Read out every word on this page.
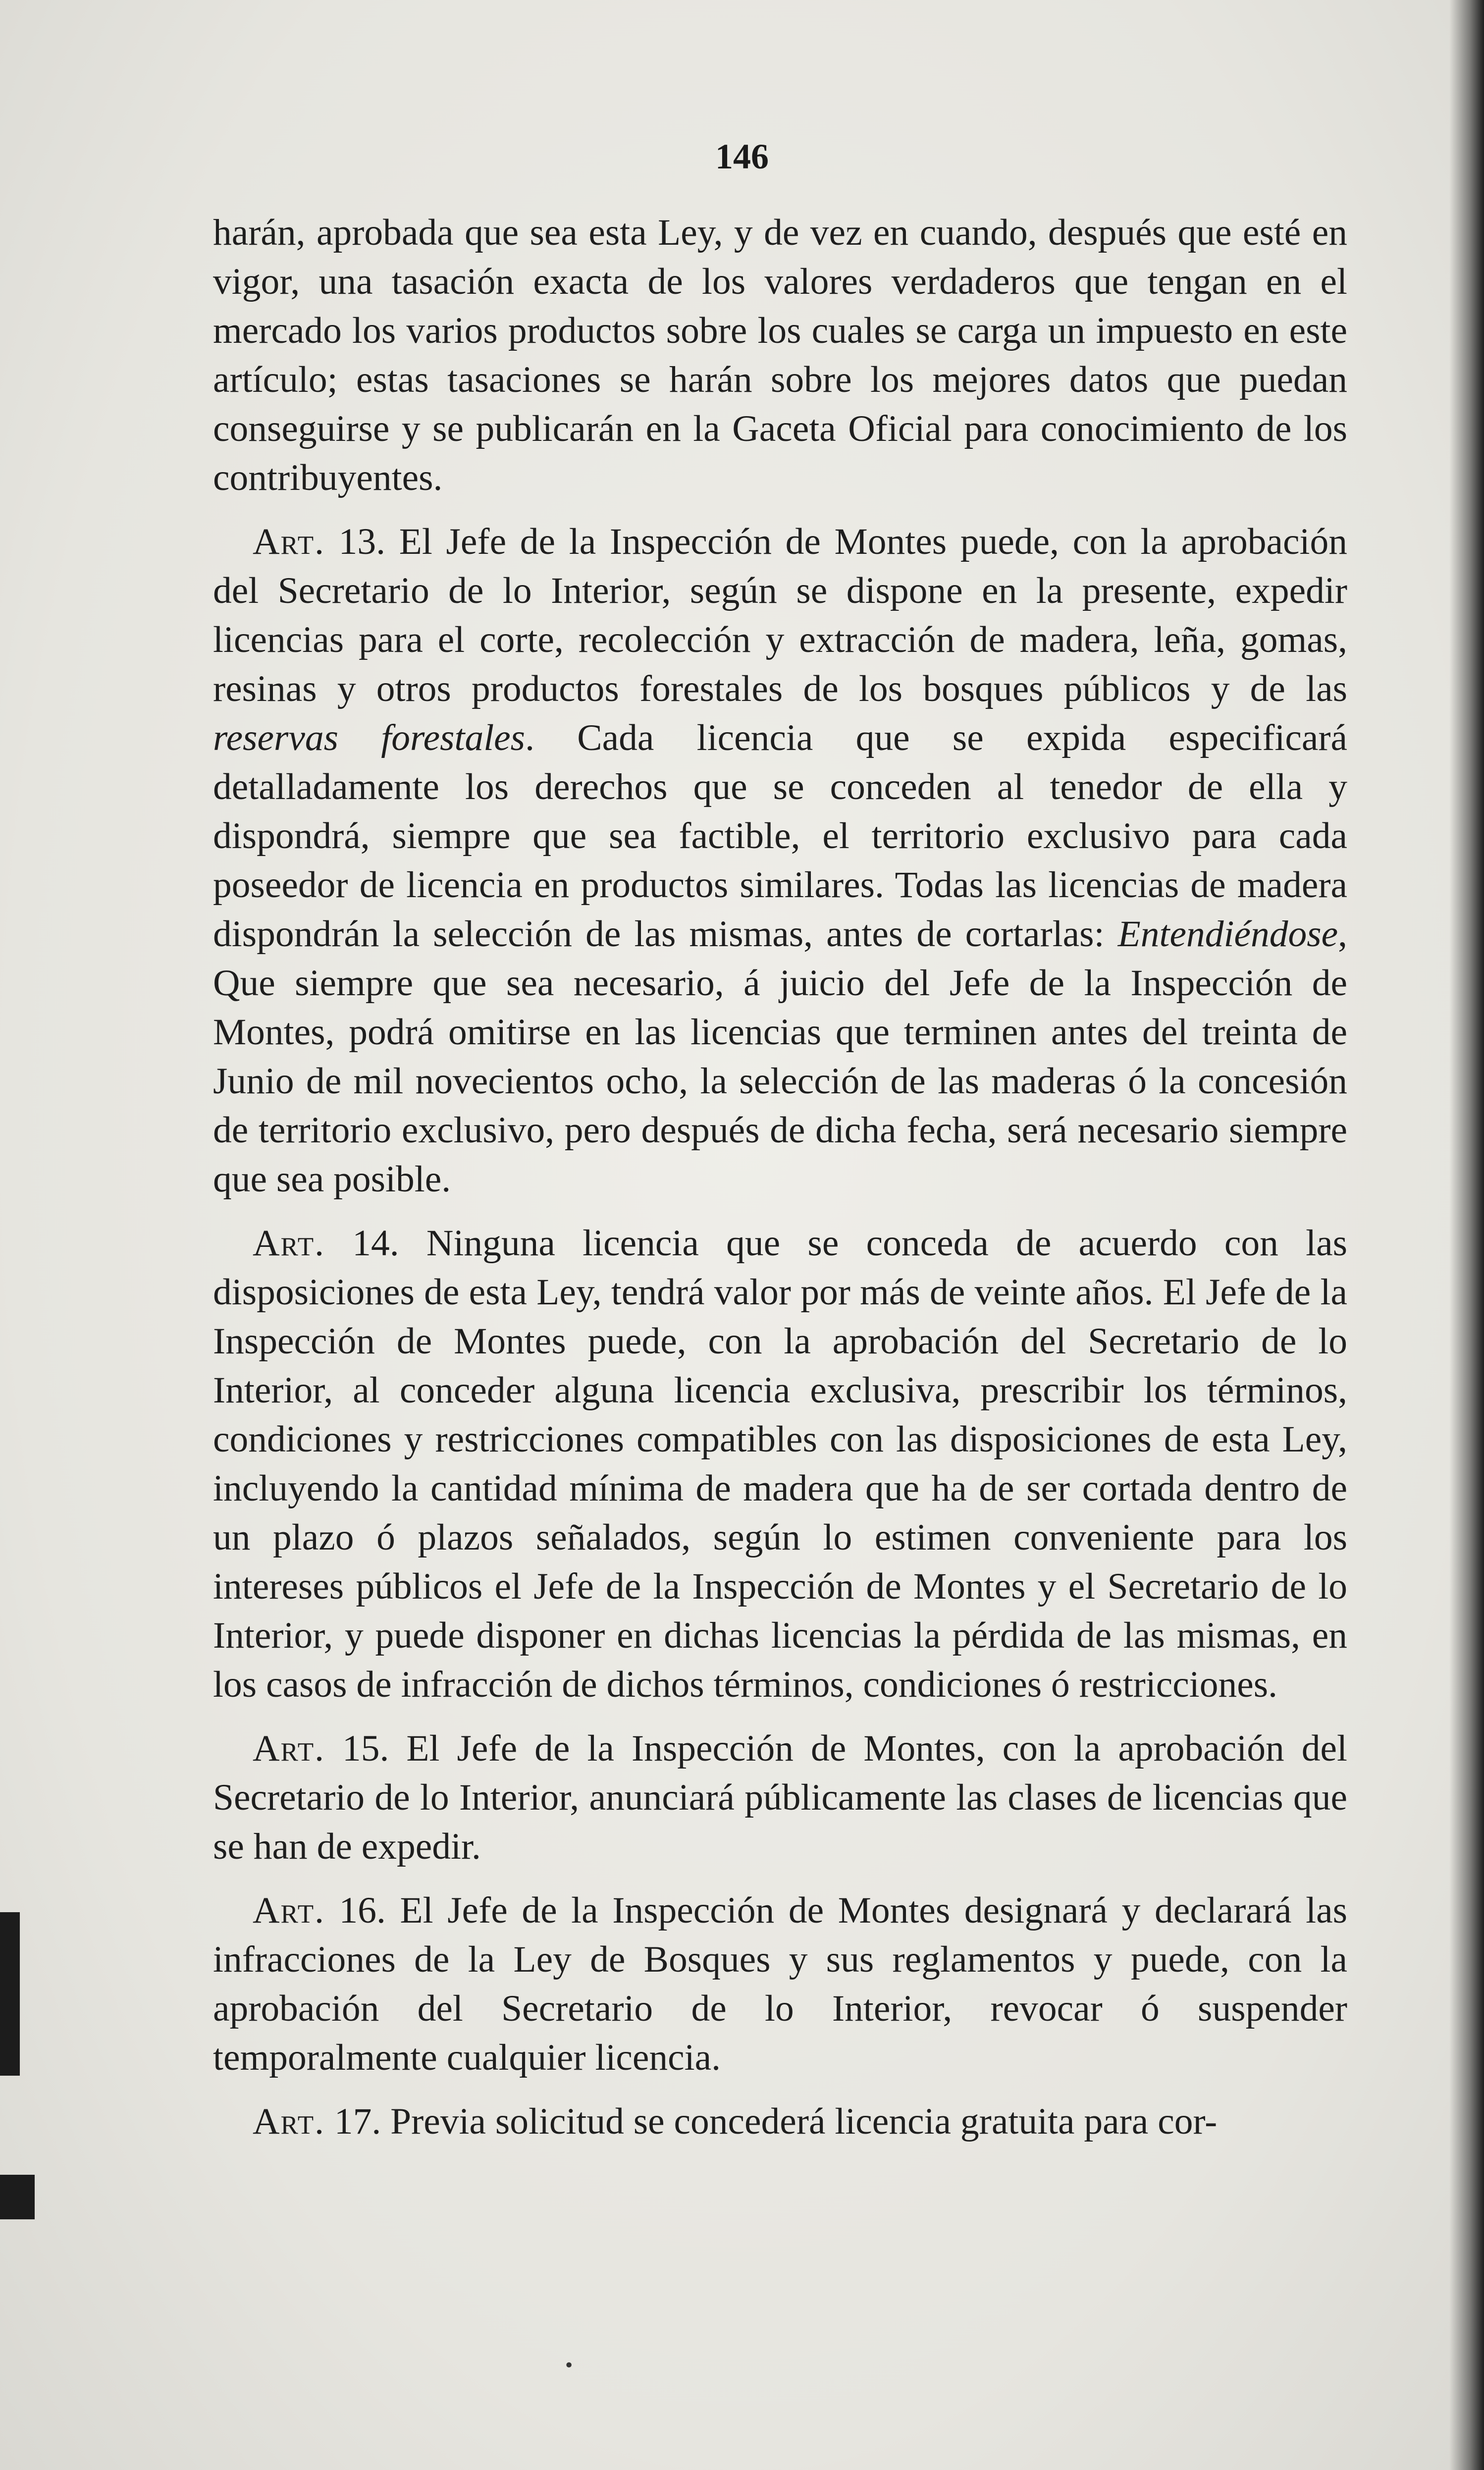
146

harán, aprobada que sea esta Ley, y de vez en cuando, después que esté en vigor, una tasación exacta de los valores verdaderos que tengan en el mercado los varios productos sobre los cuales se carga un impuesto en este artículo; estas tasaciones se harán sobre los mejores datos que puedan conseguirse y se publicarán en la Gaceta Oficial para conocimiento de los contribuyentes.

Art. 13. El Jefe de la Inspección de Montes puede, con la aprobación del Secretario de lo Interior, según se dispone en la presente, expedir licencias para el corte, recolección y extracción de madera, leña, gomas, resinas y otros productos forestales de los bosques públicos y de las reservas forestales. Cada licencia que se expida especificará detalladamente los derechos que se conceden al tenedor de ella y dispondrá, siempre que sea factible, el territorio exclusivo para cada poseedor de licencia en productos similares. Todas las licencias de madera dispondrán la selección de las mismas, antes de cortarlas: Entendiéndose, Que siempre que sea necesario, á juicio del Jefe de la Inspección de Montes, podrá omitirse en las licencias que terminen antes del treinta de Junio de mil novecientos ocho, la selección de las maderas ó la concesión de territorio exclusivo, pero después de dicha fecha, será necesario siempre que sea posible.

Art. 14. Ninguna licencia que se conceda de acuerdo con las disposiciones de esta Ley, tendrá valor por más de veinte años. El Jefe de la Inspección de Montes puede, con la aprobación del Secretario de lo Interior, al conceder alguna licencia exclusiva, prescribir los términos, condiciones y restricciones compatibles con las disposiciones de esta Ley, incluyendo la cantidad mínima de madera que ha de ser cortada dentro de un plazo ó plazos señalados, según lo estimen conveniente para los intereses públicos el Jefe de la Inspección de Montes y el Secretario de lo Interior, y puede disponer en dichas licencias la pérdida de las mismas, en los casos de infracción de dichos términos, condiciones ó restricciones.

Art. 15. El Jefe de la Inspección de Montes, con la aprobación del Secretario de lo Interior, anunciará públicamente las clases de licencias que se han de expedir.

Art. 16. El Jefe de la Inspección de Montes designará y declarará las infracciones de la Ley de Bosques y sus reglamentos y puede, con la aprobación del Secretario de lo Interior, revocar ó suspender temporalmente cualquier licencia.

Art. 17. Previa solicitud se concederá licencia gratuita para cor-

•
